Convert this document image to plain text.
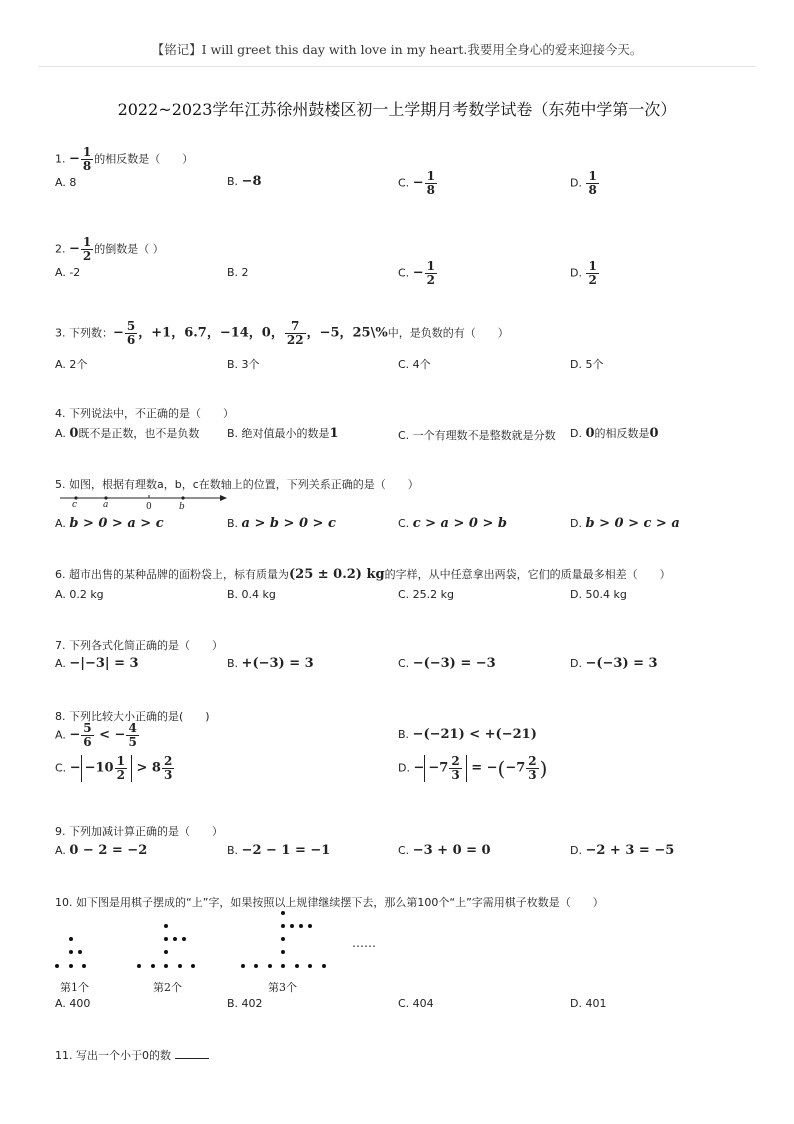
【铭记】I will greet this day with love in my heart.我要用全身心的爱来迎接今天。
2022~2023学年江苏徐州鼓楼区初一上学期月考数学试卷（东苑中学第一次）
1. − $\frac{1}{8}$ 的相反数是（　　）
A. 8	B. −8	C. − $\frac{1}{8}$	D. $\frac{1}{8}$
2. − $\frac{1}{2}$ 的倒数是（ ）
A. -2	B. 2	C. − $\frac{1}{2}$	D. $\frac{1}{2}$
3. 下列数：− $\frac{5}{6}$ ，+1，6.7，−14，0， $\frac{7}{22}$ ，−5，25\%中，是负数的有（　　）
A. 2个	B. 3个	C. 4个	D. 5个
4. 下列说法中，不正确的是（　　）
A. 0既不是正数，也不是负数	B. 绝对值最小的数是1	C. 一个有理数不是整数就是分数 D. 0的相反数是0
5. 如图，根据有理数a，b，c在数轴上的位置，下列关系正确的是（　　）
c	a	0	b
A. b > 0 > a > c	B. a > b > 0 > c	C. c > a > 0 > b	D. b > 0 > c > a
6. 超市出售的某种品牌的面粉袋上，标有质量为(25 ± 0.2) kg的字样，从中任意拿出两袋，它们的质量最多相差（　　）
A. 0.2 kg	B. 0.4 kg	C. 25.2 kg	D. 50.4 kg
7. 下列各式化简正确的是（　　）
A. −|−3| = 3	B. +(−3) = 3	C. −(−3) = −3	D. −(−3) = 3
8. 下列比较大小正确的是(　　)
A. − $\frac{5}{6}$ < − $\frac{4}{5}$	B. −(−21) < +(−21)
C. − $-10 \frac{1}{2} > 8 \frac{2}{3}$	D. − $-7 \frac{2}{3} = -(-7 \frac{2}{3}$ )
9. 下列加减计算正确的是（　　）
A. 0 − 2 = −2	B. −2 − 1 = −1	C. −3 + 0 = 0	D. −2 + 3 = −5
10. 如下图是用棋子摆成的“上”字，如果按照以上规律继续摆下去，那么第100个“上”字需用棋子枚数是（　　）
……
第1个	第2个	第3个
A. 400	B. 402	C. 404	D. 401
11. 写出一个小于0的数
